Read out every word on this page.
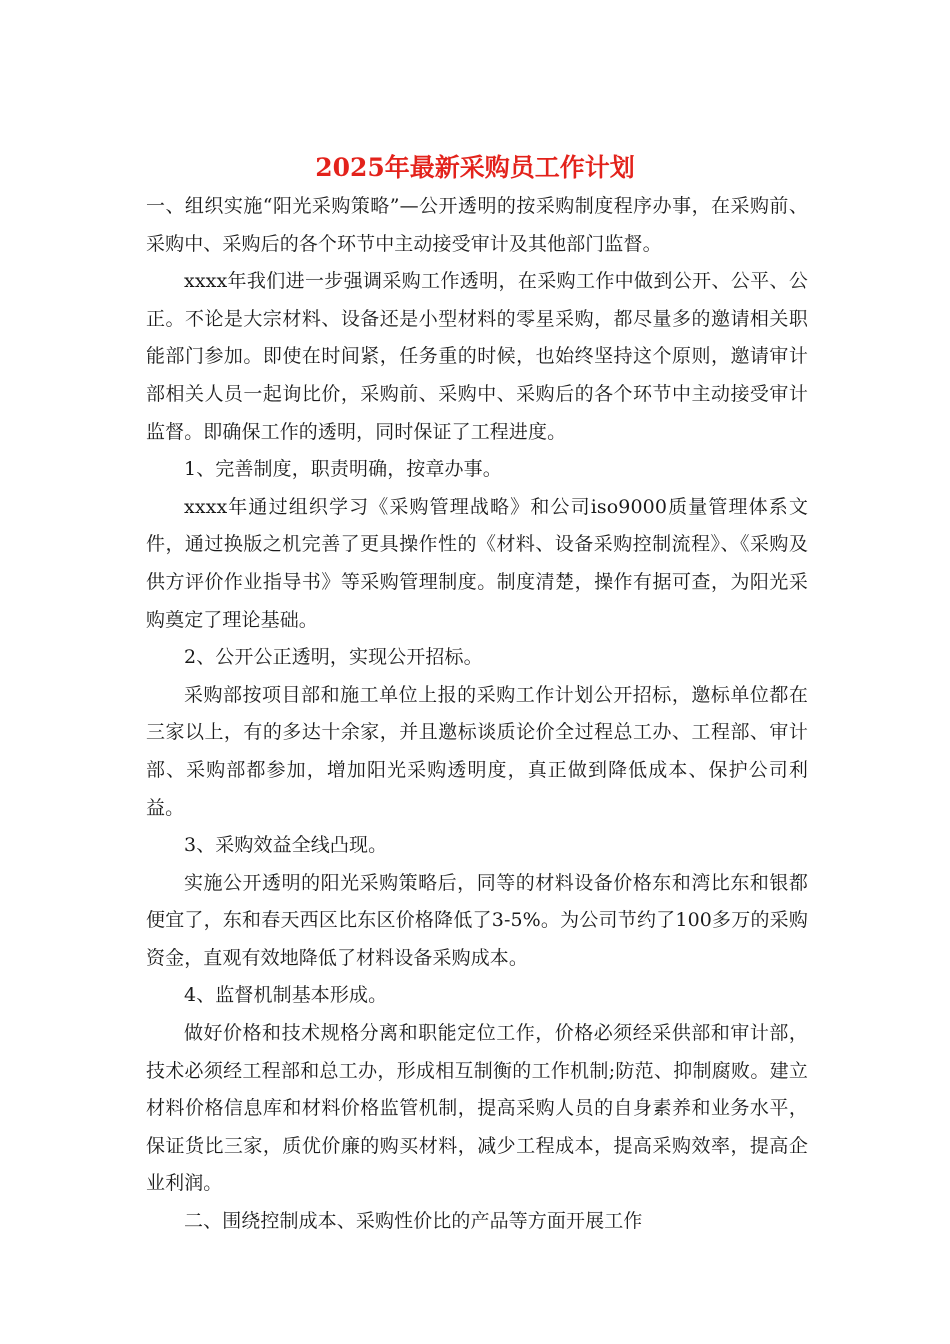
2025年最新采购员工作计划

一、组织实施“阳光采购策略”—公开透明的按采购制度程序办事，在采购前、采购中、采购后的各个环节中主动接受审计及其他部门监督。

xxxx年我们进一步强调采购工作透明，在采购工作中做到公开、公平、公正。不论是大宗材料、设备还是小型材料的零星采购，都尽量多的邀请相关职能部门参加。即使在时间紧，任务重的时候，也始终坚持这个原则，邀请审计部相关人员一起询比价，采购前、采购中、采购后的各个环节中主动接受审计监督。即确保工作的透明，同时保证了工程进度。

1、完善制度，职责明确，按章办事。

xxxx年通过组织学习《采购管理战略》和公司iso9000质量管理体系文件，通过换版之机完善了更具操作性的《材料、设备采购控制流程》、《采购及供方评价作业指导书》等采购管理制度。制度清楚，操作有据可查，为阳光采购奠定了理论基础。

2、公开公正透明，实现公开招标。

采购部按项目部和施工单位上报的采购工作计划公开招标，邀标单位都在三家以上，有的多达十余家，并且邀标谈质论价全过程总工办、工程部、审计部、采购部都参加，增加阳光采购透明度，真正做到降低成本、保护公司利益。

3、采购效益全线凸现。

实施公开透明的阳光采购策略后，同等的材料设备价格东和湾比东和银都便宜了，东和春天西区比东区价格降低了3-5%。为公司节约了100多万的采购资金，直观有效地降低了材料设备采购成本。

4、监督机制基本形成。

做好价格和技术规格分离和职能定位工作，价格必须经采供部和审计部，技术必须经工程部和总工办，形成相互制衡的工作机制;防范、抑制腐败。建立材料价格信息库和材料价格监管机制，提高采购人员的自身素养和业务水平，保证货比三家，质优价廉的购买材料，减少工程成本，提高采购效率，提高企业利润。

二、围绕控制成本、采购性价比的产品等方面开展工作
